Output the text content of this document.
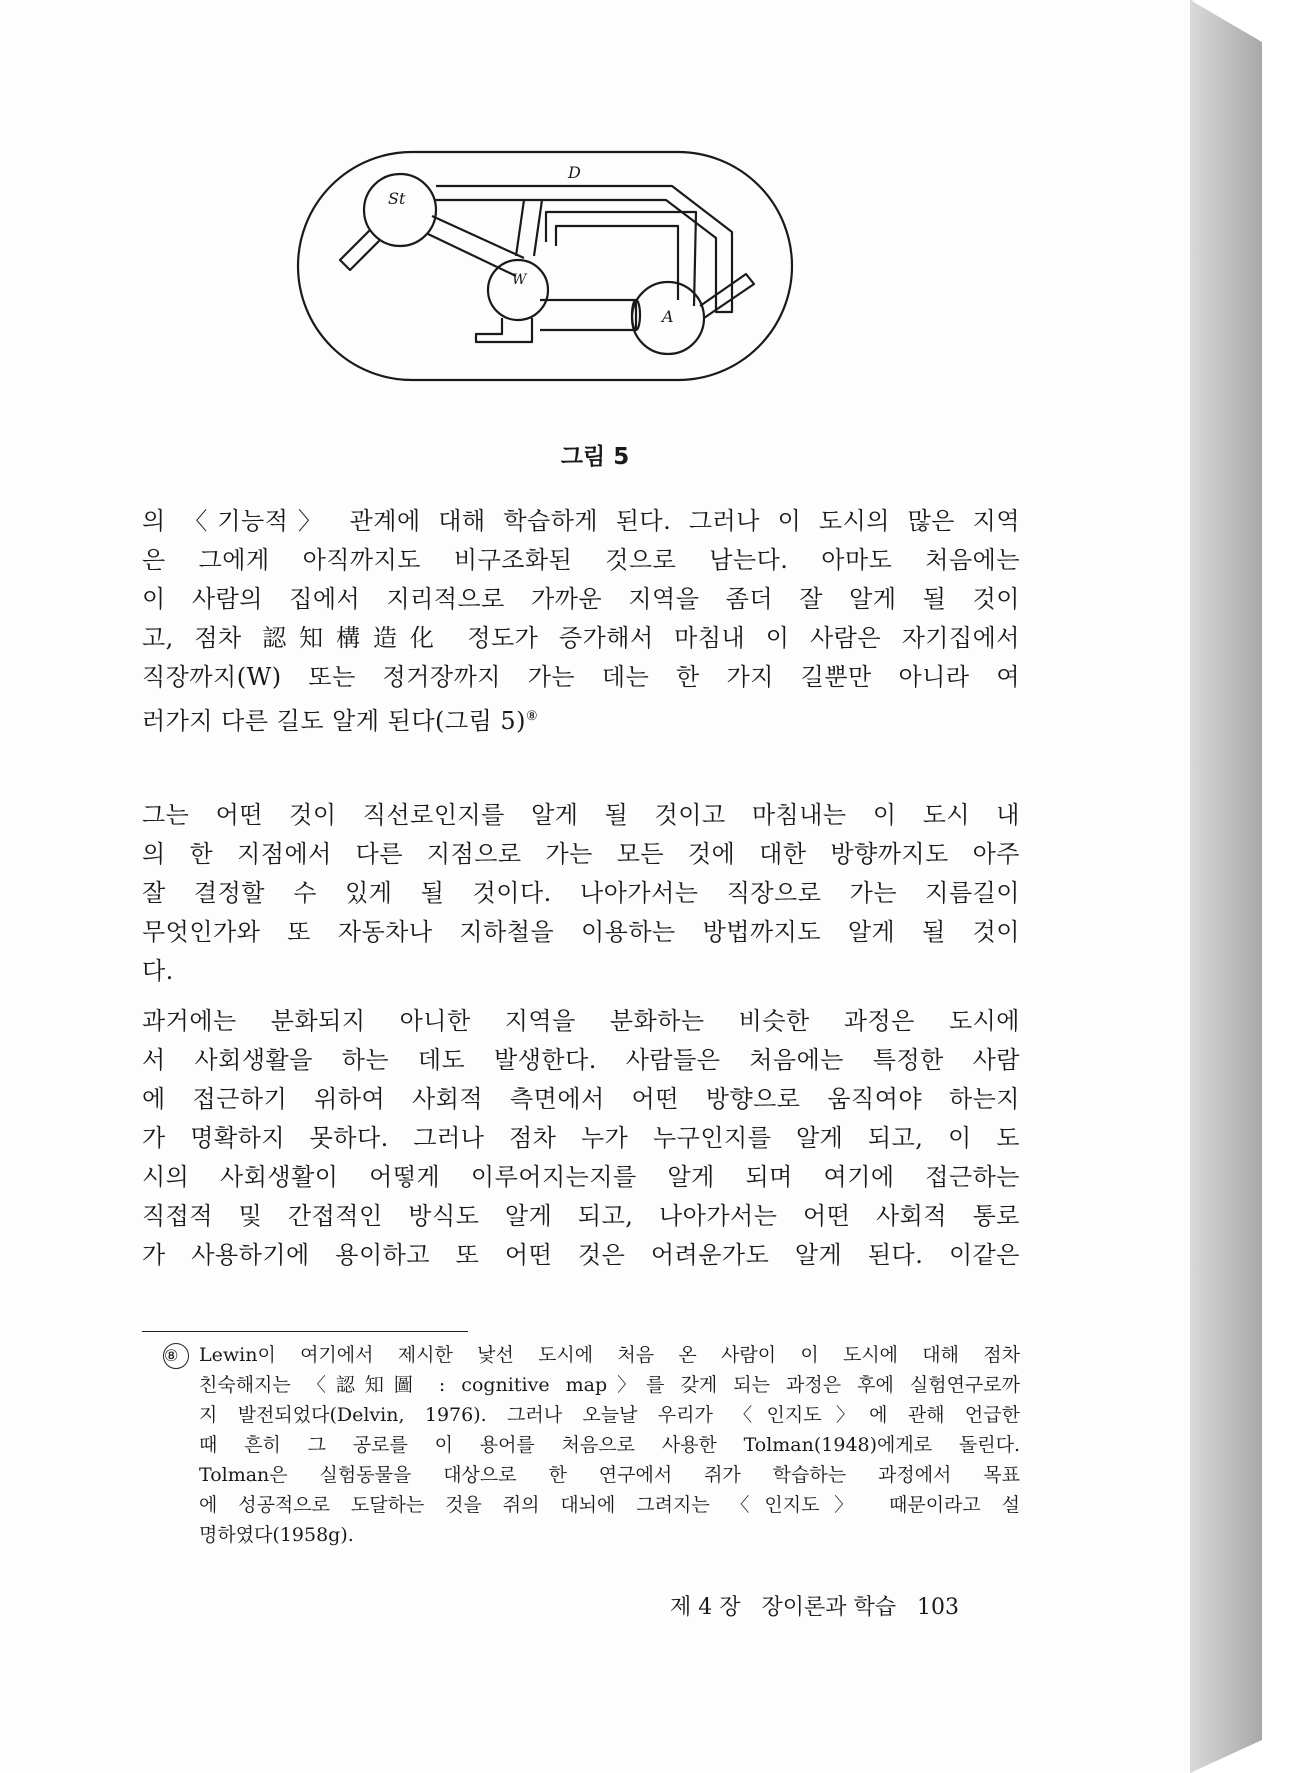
St
D
W
A
그림 5
의 〈기능적〉 관계에 대해 학습하게 된다. 그러나 이 도시의 많은 지역
은 그에게 아직까지도 비구조화된 것으로 남는다. 아마도 처음에는
이 사람의 집에서 지리적으로 가까운 지역을 좀더 잘 알게 될 것이
고, 점차 認知構造化 정도가 증가해서 마침내 이 사람은 자기집에서
직장까지(W) 또는 정거장까지 가는 데는 한 가지 길뿐만 아니라 여
러가지 다른 길도 알게 된다(그림 5)⑧
그는 어떤 것이 직선로인지를 알게 될 것이고 마침내는 이 도시 내
의 한 지점에서 다른 지점으로 가는 모든 것에 대한 방향까지도 아주
잘 결정할 수 있게 될 것이다. 나아가서는 직장으로 가는 지름길이
무엇인가와 또 자동차나 지하철을 이용하는 방법까지도 알게 될 것이
다.
과거에는 분화되지 아니한 지역을 분화하는 비슷한 과정은 도시에
서 사회생활을 하는 데도 발생한다. 사람들은 처음에는 특정한 사람
에 접근하기 위하여 사회적 측면에서 어떤 방향으로 움직여야 하는지
가 명확하지 못하다. 그러나 점차 누가 누구인지를 알게 되고, 이 도
시의 사회생활이 어떻게 이루어지는지를 알게 되며 여기에 접근하는
직접적 및 간접적인 방식도 알게 되고, 나아가서는 어떤 사회적 통로
가 사용하기에 용이하고 또 어떤 것은 어려운가도 알게 된다. 이같은
⑧ Lewin이 여기에서 제시한 낯선 도시에 처음 온 사람이 이 도시에 대해 점차
친숙해지는 〈認知圖 : cognitive map〉를 갖게 되는 과정은 후에 실험연구로까
지 발전되었다(Delvin, 1976). 그러나 오늘날 우리가 〈인지도〉에 관해 언급한
때 흔히 그 공로를 이 용어를 처음으로 사용한 Tolman(1948)에게로 돌린다.
Tolman은 실험동물을 대상으로 한 연구에서 쥐가 학습하는 과정에서 목표
에 성공적으로 도달하는 것을 쥐의 대뇌에 그려지는 〈인지도〉 때문이라고 설
명하였다(1958g).
제 4 장 장이론과 학습 103
